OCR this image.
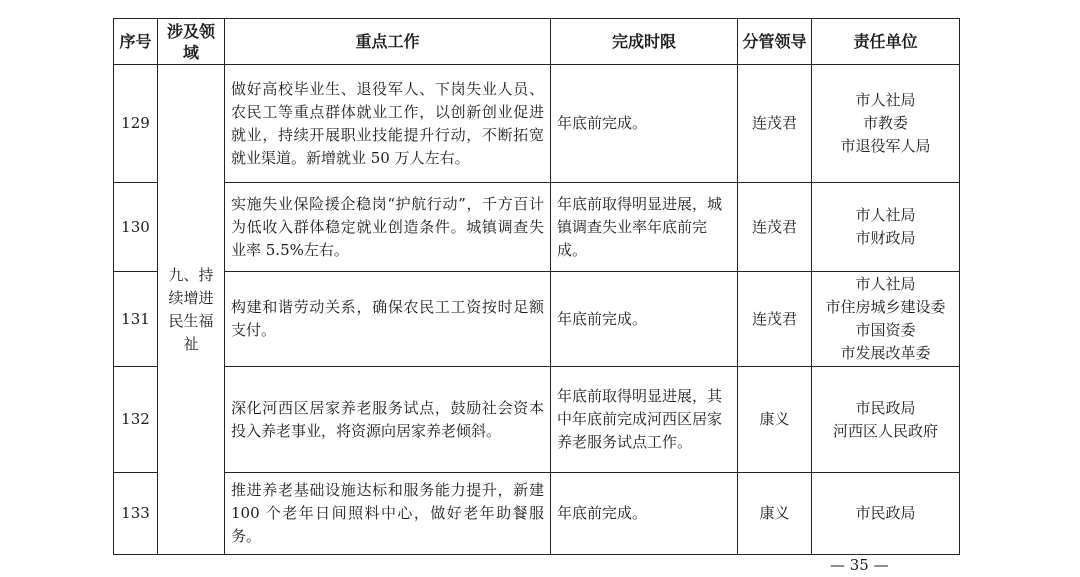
序号	涉及领域	重点工作	完成时限	分管领导	责任单位
129	九、持续增进民生福祉	做好高校毕业生、退役军人、下岗失业人员、农民工等重点群体就业工作，以创新创业促进就业，持续开展职业技能提升行动，不断拓宽就业渠道。新增就业 50 万人左右。	年底前完成。	连茂君	市人社局
市教委
市退役军人局
130		实施失业保险援企稳岗“护航行动”，千方百计为低收入群体稳定就业创造条件。城镇调查失业率 5.5%左右。	年底前取得明显进展，城镇调查失业率年底前完成。	连茂君	市人社局
市财政局
131		构建和谐劳动关系，确保农民工工资按时足额支付。	年底前完成。	连茂君	市人社局
市住房城乡建设委
市国资委
市发展改革委
132		深化河西区居家养老服务试点，鼓励社会资本投入养老事业，将资源向居家养老倾斜。	年底前取得明显进展，其中年底前完成河西区居家养老服务试点工作。	康义	市民政局
河西区人民政府
133		推进养老基础设施达标和服务能力提升，新建 100 个老年日间照料中心，做好老年助餐服务。	年底前完成。	康义	市民政局
— 35 —
